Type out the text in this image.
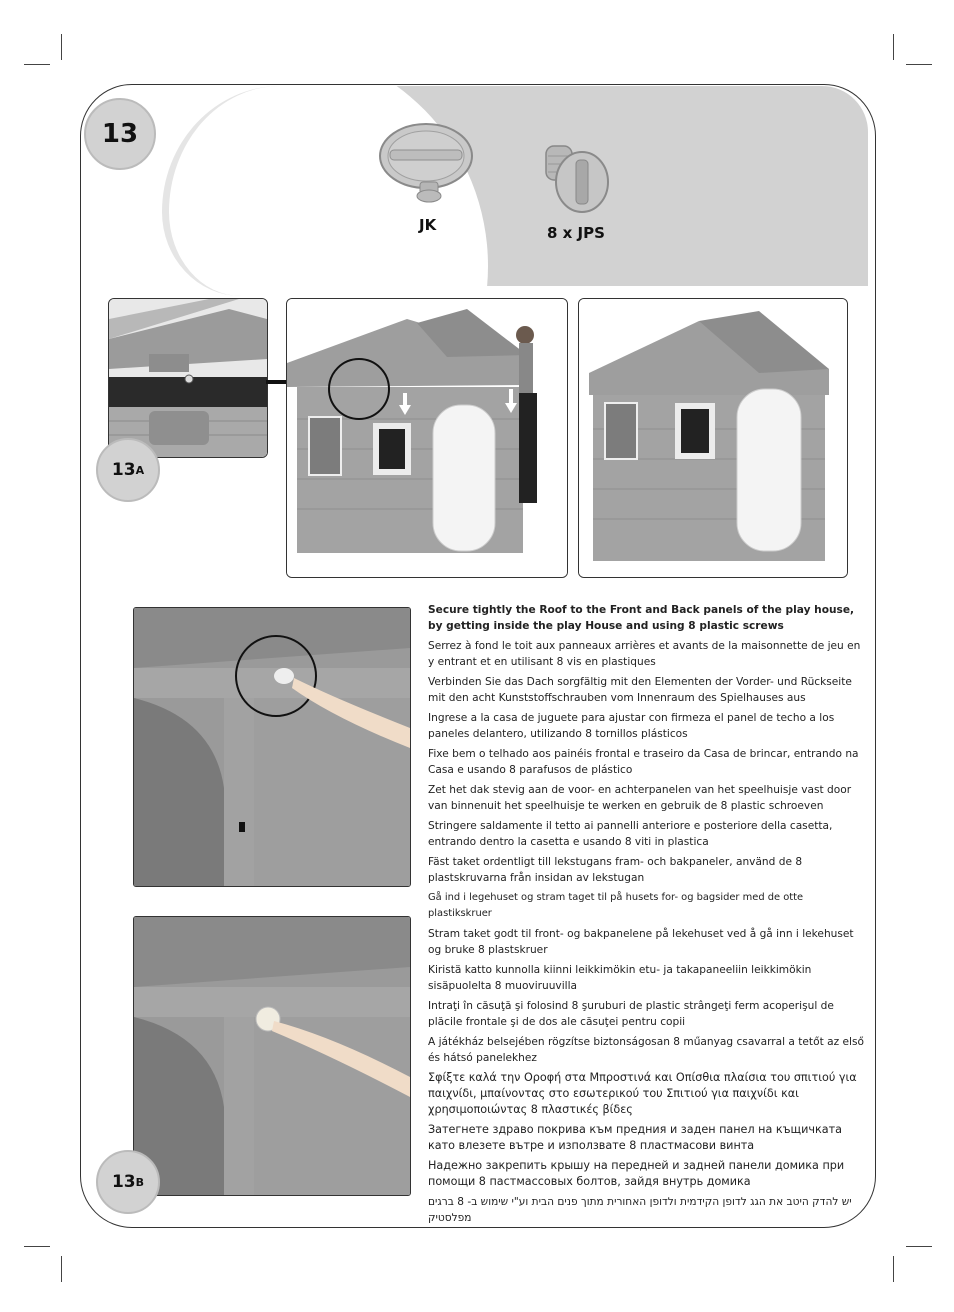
13
JK	8 x JPS
13 A
13 B

Secure tightly the Roof to the Front and Back panels of the play house, by getting inside the play House and using 8 plastic screws

Serrez à fond le toit aux panneaux arrières et avants de la maisonnette de jeu en y entrant et en utilisant 8 vis en plastiques

Verbinden Sie das Dach sorgfältig mit den Elementen der Vorder- und Rückseite mit den acht Kunststoffschrauben vom Innenraum des Spielhauses aus

Ingrese a la casa de juguete para ajustar con firmeza el panel de techo a los paneles delantero, utilizando 8 tornillos plásticos

Fixe bem o telhado aos painéis frontal e traseiro da Casa de brincar, entrando na Casa e usando 8 parafusos de plástico

Zet het dak stevig aan de voor- en achterpanelen van het speelhuisje vast door van binnenuit het speelhuisje te werken en gebruik de 8 plastic schroeven

Stringere saldamente il tetto ai pannelli anteriore e posteriore della casetta, entrando dentro la casetta e usando 8 viti in plastica

Fäst taket ordentligt till lekstugans fram- och bakpaneler, använd de 8 plastskruvarna från insidan av lekstugan

Gå ind i legehuset og stram taget til på husets for- og bagsider med de otte plastikskruer

Stram taket godt til front- og bakpanelene på lekehuset ved å gå inn i lekehuset og bruke 8 plastskruer

Kiristä katto kunnolla kiinni leikkimökin etu- ja takapaneeliin leikkimökin sisäpuolelta 8 muoviruuvilla

Intraţi în căsuţă şi folosind 8 şuruburi de plastic strângeţi ferm acoperişul de plăcile frontale şi de dos ale căsuţei pentru copii

A játékház belsejében rögzítse biztonságosan 8 műanyag csavarral a tetőt az első és hátsó panelekhez

Σφίξτε καλά την Οροφή στα Μπροστινά και Οπίσθια πλαίσια του σπιτιού για παιχνίδι, μπαίνοντας στο εσωτερικού του Σπιτιού για παιχνίδι και χρησιμοποιώντας 8 πλαστικές βίδες

Затегнете здраво покрива към предния и заден панел на къщичката като влезете вътре и използвате 8 пластмасови винта

Надежно закрепить крышу на передней и задней панели домика при помощи 8 пастмассовых болтов, зайдя внутрь домика

יש להדק היטב את הגג לדופן הקידמית ולדופן האחורית מתוך פנים הבית וע"י שימוש ב- 8 ברגים מפלסטיק
